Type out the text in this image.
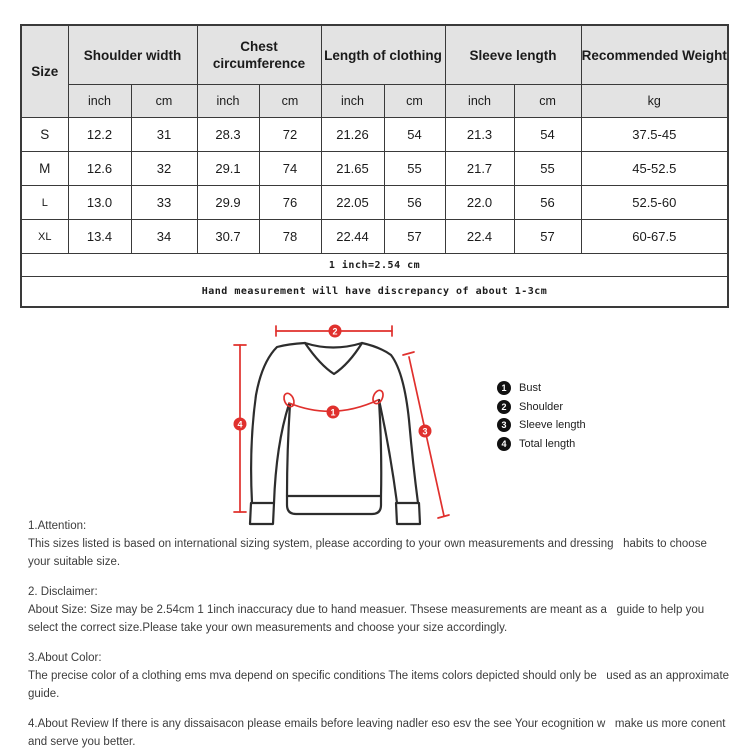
Size	Shoulder width		Chest circumference		Length of clothing		Sleeve length		Recommended Weight
	inch	cm	inch	cm	inch	cm	inch	cm	kg
S	12.2	31	28.3	72	21.26	54	21.3	54	37.5-45
M	12.6	32	29.1	74	21.65	55	21.7	55	45-52.5
L	13.0	33	29.9	76	22.05	56	22.0	56	52.5-60
XL	13.4	34	30.7	78	22.44	57	22.4	57	60-67.5
1 inch=2.54 cm									
Hand measurement will have discrepancy of about 1-3cm									
2
4
1
3
1	Bust
2	Shoulder
3	Sleeve length
4	Total length
1.Attention:
This sizes listed is based on international sizing system, please according to your own measurements and dressing   habits to choose your suitable size.
2. Disclaimer:
About Size: Size may be 2.54cm 1 1inch inaccuracy due to hand measuer. Thsese measurements are meant as a   guide to help you select the correct size.Please take your own measurements and choose your size accordingly.
3.About Color:
The precise color of a clothing ems mva depend on specific conditions The items colors depicted should only be   used as an approximate guide.
4.About Review If there is any dissaisacon please emails before leaving nadler eso esv the see Your ecognition w   make us more conent and serve you better.
